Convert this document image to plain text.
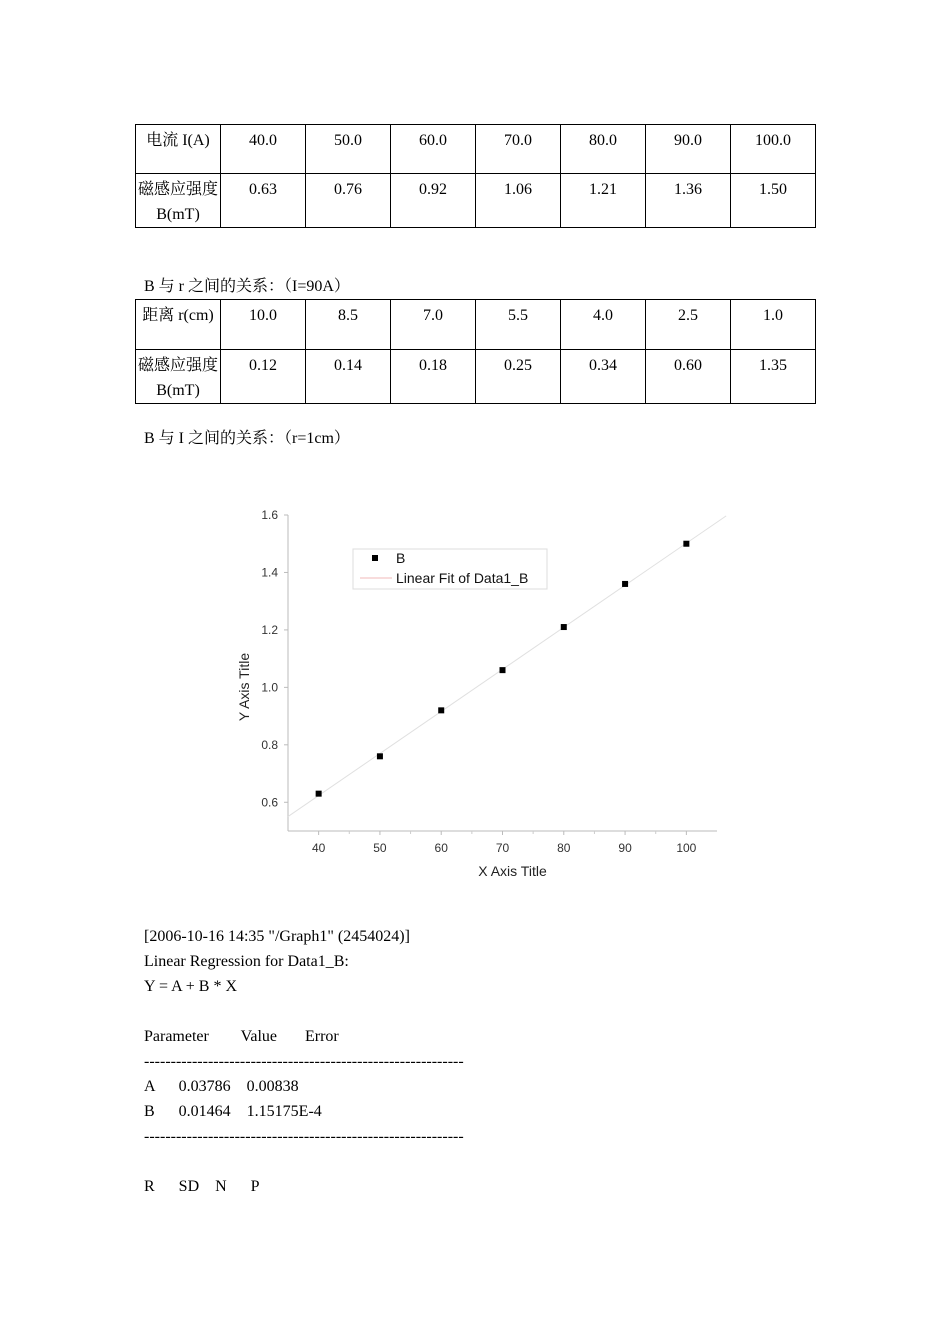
电流 I(A)	40.0	50.0	60.0	70.0	80.0	90.0	100.0
磁感应强度 B(mT)	0.63	0.76	0.92	1.06	1.21	1.36	1.50
B 与 r 之间的关系：（I=90A）
距离 r(cm)	10.0	8.5	7.0	5.5	4.0	2.5	1.0
磁感应强度 B(mT)	0.12	0.14	0.18	0.25	0.34	0.60	1.35
B 与 I 之间的关系：（r=1cm）
40	50	60	70	80	90	100
0.6
0.8
1.0
1.2
1.4
1.6
X Axis Title
Y Axis Title
B
Linear Fit of Data1_B
[2006-10-16 14:35 "/Graph1" (2454024)]
Linear Regression for Data1_B:
Y = A + B * X
Parameter        Value       Error
------------------------------------------------------------
A      0.03786    0.00838
B      0.01464    1.15175E-4
------------------------------------------------------------
R      SD    N      P
